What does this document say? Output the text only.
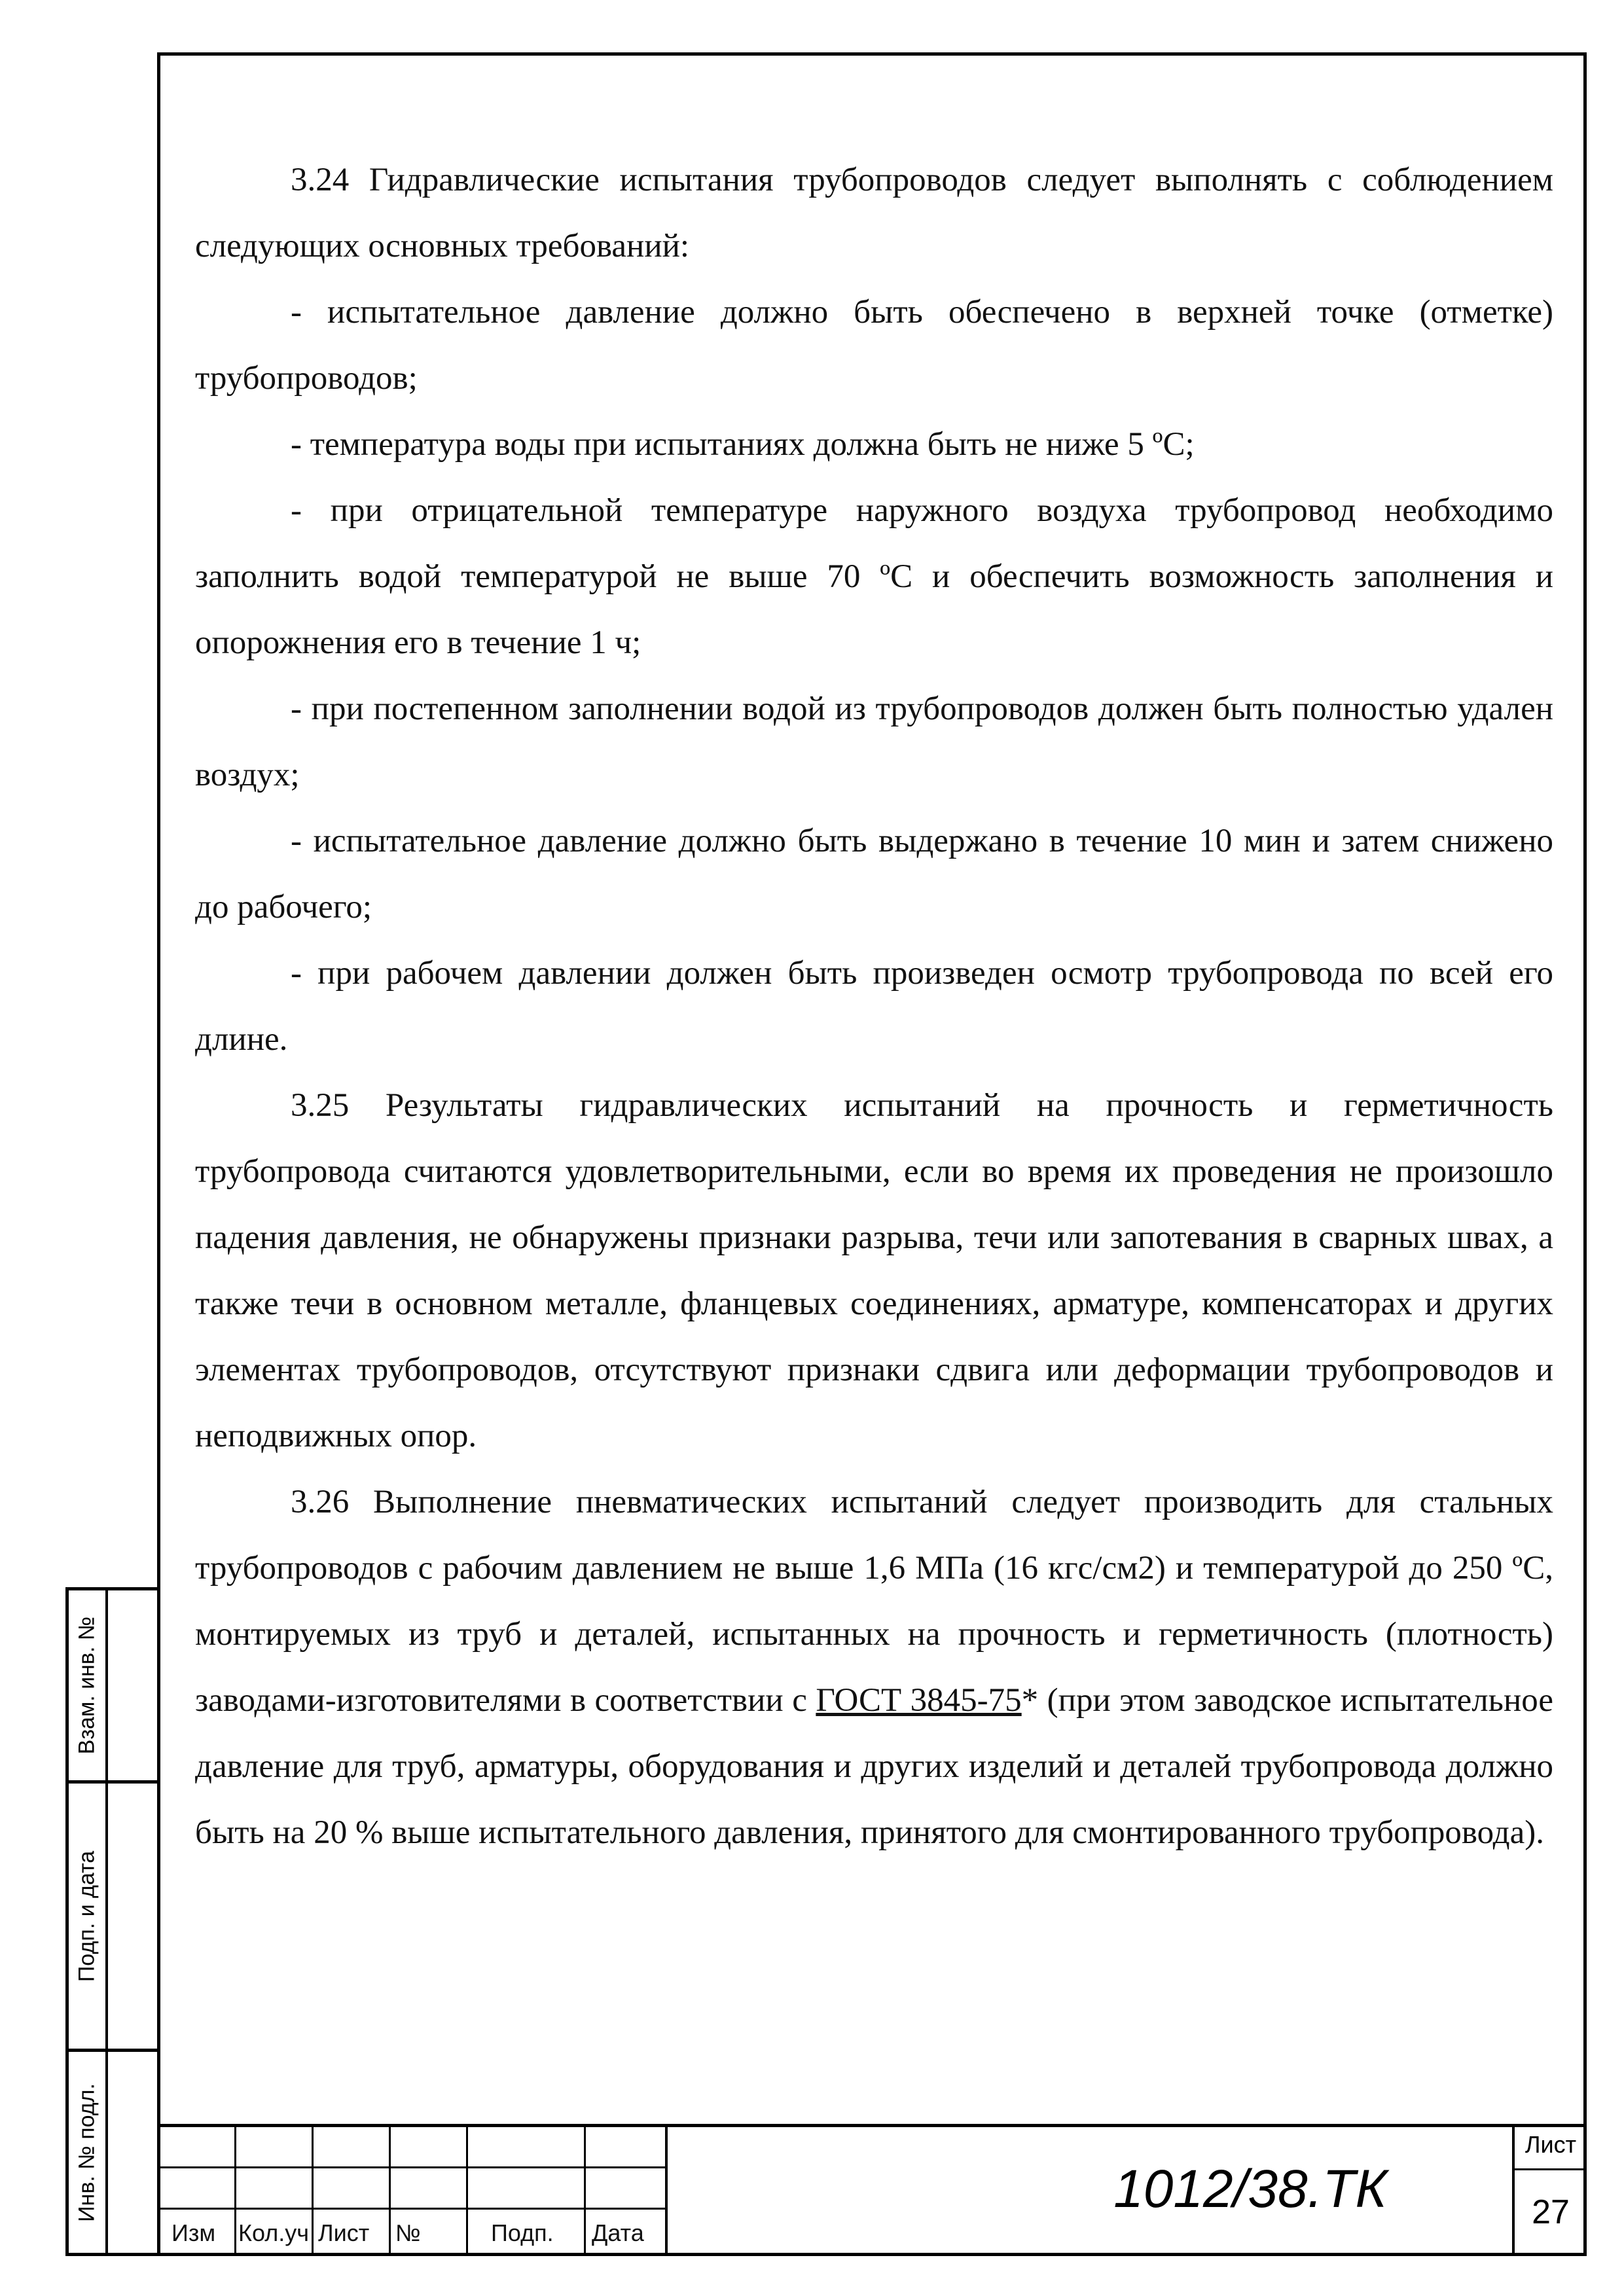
3.24 Гидравлические испытания трубопроводов следует выполнять с соблюдением следующих основных требований:

- испытательное давление должно быть обеспечено в верхней точке (отметке) трубопроводов;

- температура воды при испытаниях должна быть не ниже 5 ºС;

- при отрицательной температуре наружного воздуха трубопровод необходимо заполнить водой температурой не выше 70 ºС и обеспечить возможность заполнения и опорожнения его в течение 1 ч;

- при постепенном заполнении водой из трубопроводов должен быть полностью удален воздух;

- испытательное давление должно быть выдержано в течение 10 мин и затем снижено до рабочего;

- при рабочем давлении должен быть произведен осмотр трубопровода по всей его длине.

3.25 Результаты гидравлических испытаний на прочность и герметичность трубопровода считаются удовлетворительными, если во время их проведения не произошло падения давления, не обнаружены признаки разрыва, течи или запотевания в сварных швах, а также течи в основном металле, фланцевых соединениях, арматуре, компенсаторах и других элементах трубопроводов, отсутствуют признаки сдвига или деформации трубопроводов и неподвижных опор.

3.26 Выполнение пневматических испытаний следует производить для стальных трубопроводов с рабочим давлением не выше 1,6 МПа (16 кгс/см2) и температурой до 250 ºС, монтируемых из труб и деталей, испытанных на прочность и герметичность (плотность) заводами-изготовителями в соответствии с ГОСТ 3845-75* (при этом заводское испытательное давление для труб, арматуры, оборудования и других изделий и деталей трубопровода должно быть на 20 % выше испытательного давления, принятого для смонтированного трубопровода).

Взам. инв. №
Подп. и дата
Инв. № подл.
Изм Кол.уч Лист №	Подп. Дата
1012/38.ТК
Лист
27
